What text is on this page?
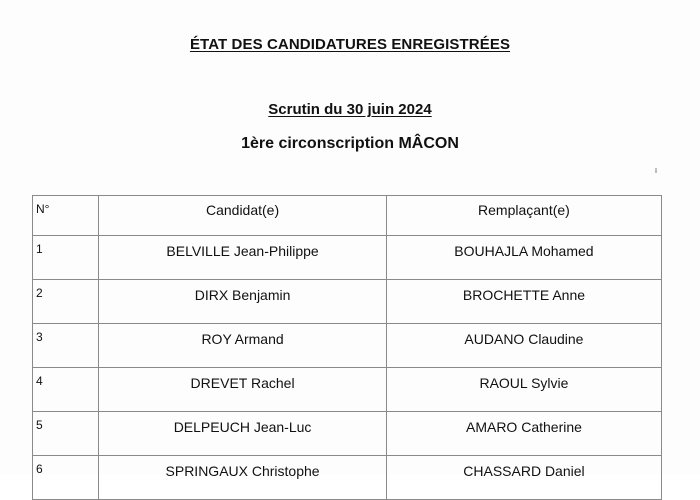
ÉTAT DES CANDIDATURES ENREGISTRÉES
Scrutin du 30 juin 2024
1ère circonscription MÂCON
N°	Candidat(e)	Remplaçant(e)
1	BELVILLE Jean-Philippe	BOUHAJLA Mohamed
2	DIRX Benjamin	BROCHETTE Anne
3	ROY Armand	AUDANO Claudine
4	DREVET Rachel	RAOUL Sylvie
5	DELPEUCH Jean-Luc	AMARO Catherine
6	SPRINGAUX Christophe	CHASSARD Daniel
